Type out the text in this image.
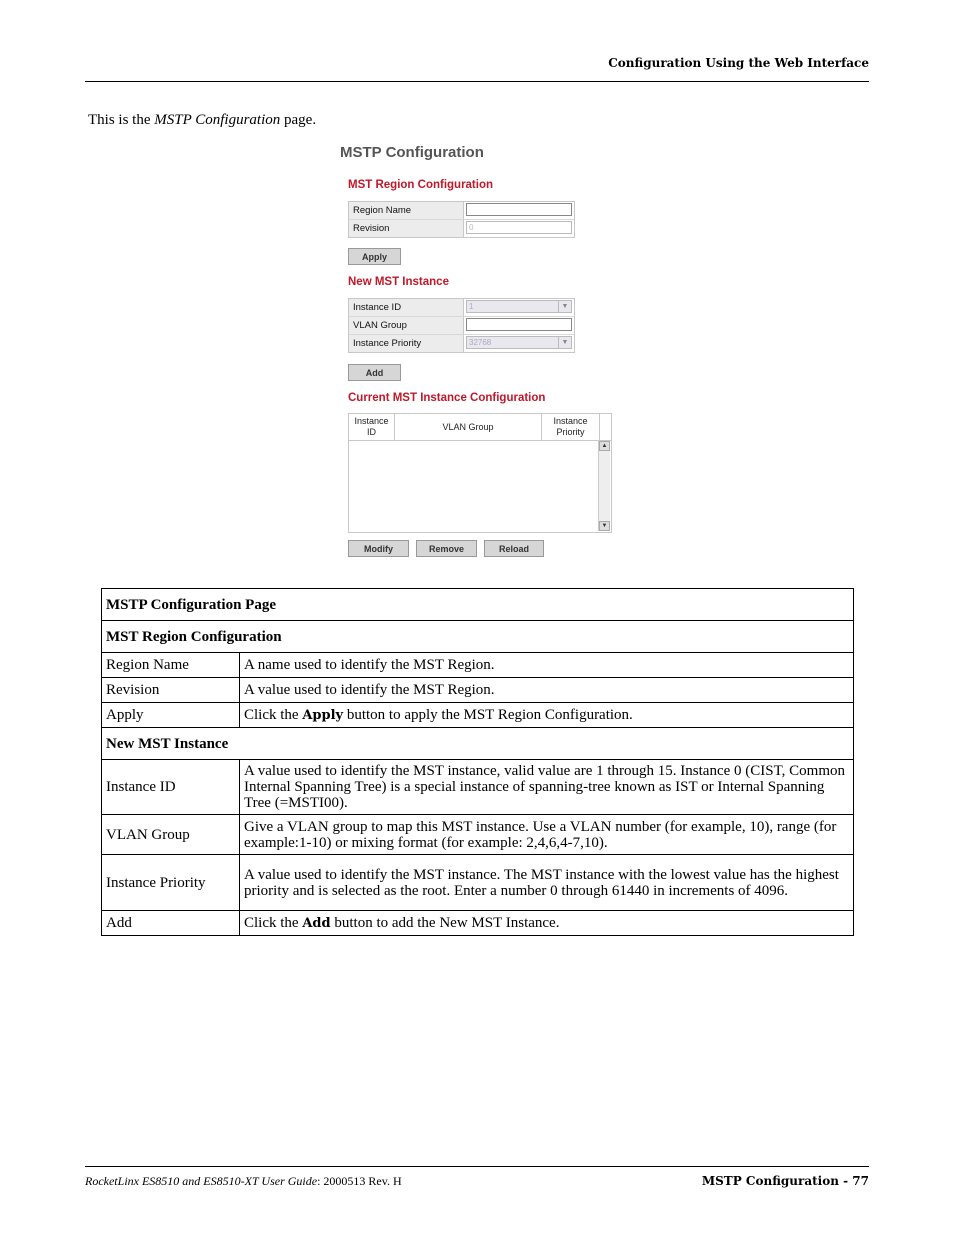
Configuration Using the Web Interface
This is the MSTP Configuration page.
MSTP Configuration
MST Region Configuration
Region Name
Revision	0
Apply
New MST Instance
Instance ID	1	▼
VLAN Group
Instance Priority	32768	▼
Add
Current MST Instance Configuration
Instance ID
VLAN Group
Instance Priority
▲
▼
Modify	Remove	Reload
MSTP Configuration Page	
MST Region Configuration	
Region Name	A name used to identify the MST Region.
Revision	A value used to identify the MST Region.
Apply	Click the Apply button to apply the MST Region Configuration.
New MST Instance	
Instance ID	A value used to identify the MST instance, valid value are 1 through 15. Instance 0 (CIST, Common Internal Spanning Tree) is a special instance of spanning-tree known as IST or Internal Spanning Tree (=MSTI00).
VLAN Group	Give a VLAN group to map this MST instance. Use a VLAN number (for example, 10), range (for example:1-10) or mixing format (for example: 2,4,6,4-7,10).
Instance Priority	A value used to identify the MST instance. The MST instance with the lowest value has the highest priority and is selected as the root. Enter a number 0 through 61440 in increments of 4096.
Add	Click the Add button to add the New MST Instance.
RocketLinx ES8510 and ES8510-XT User Guide: 2000513 Rev. H	MSTP Configuration - 77
